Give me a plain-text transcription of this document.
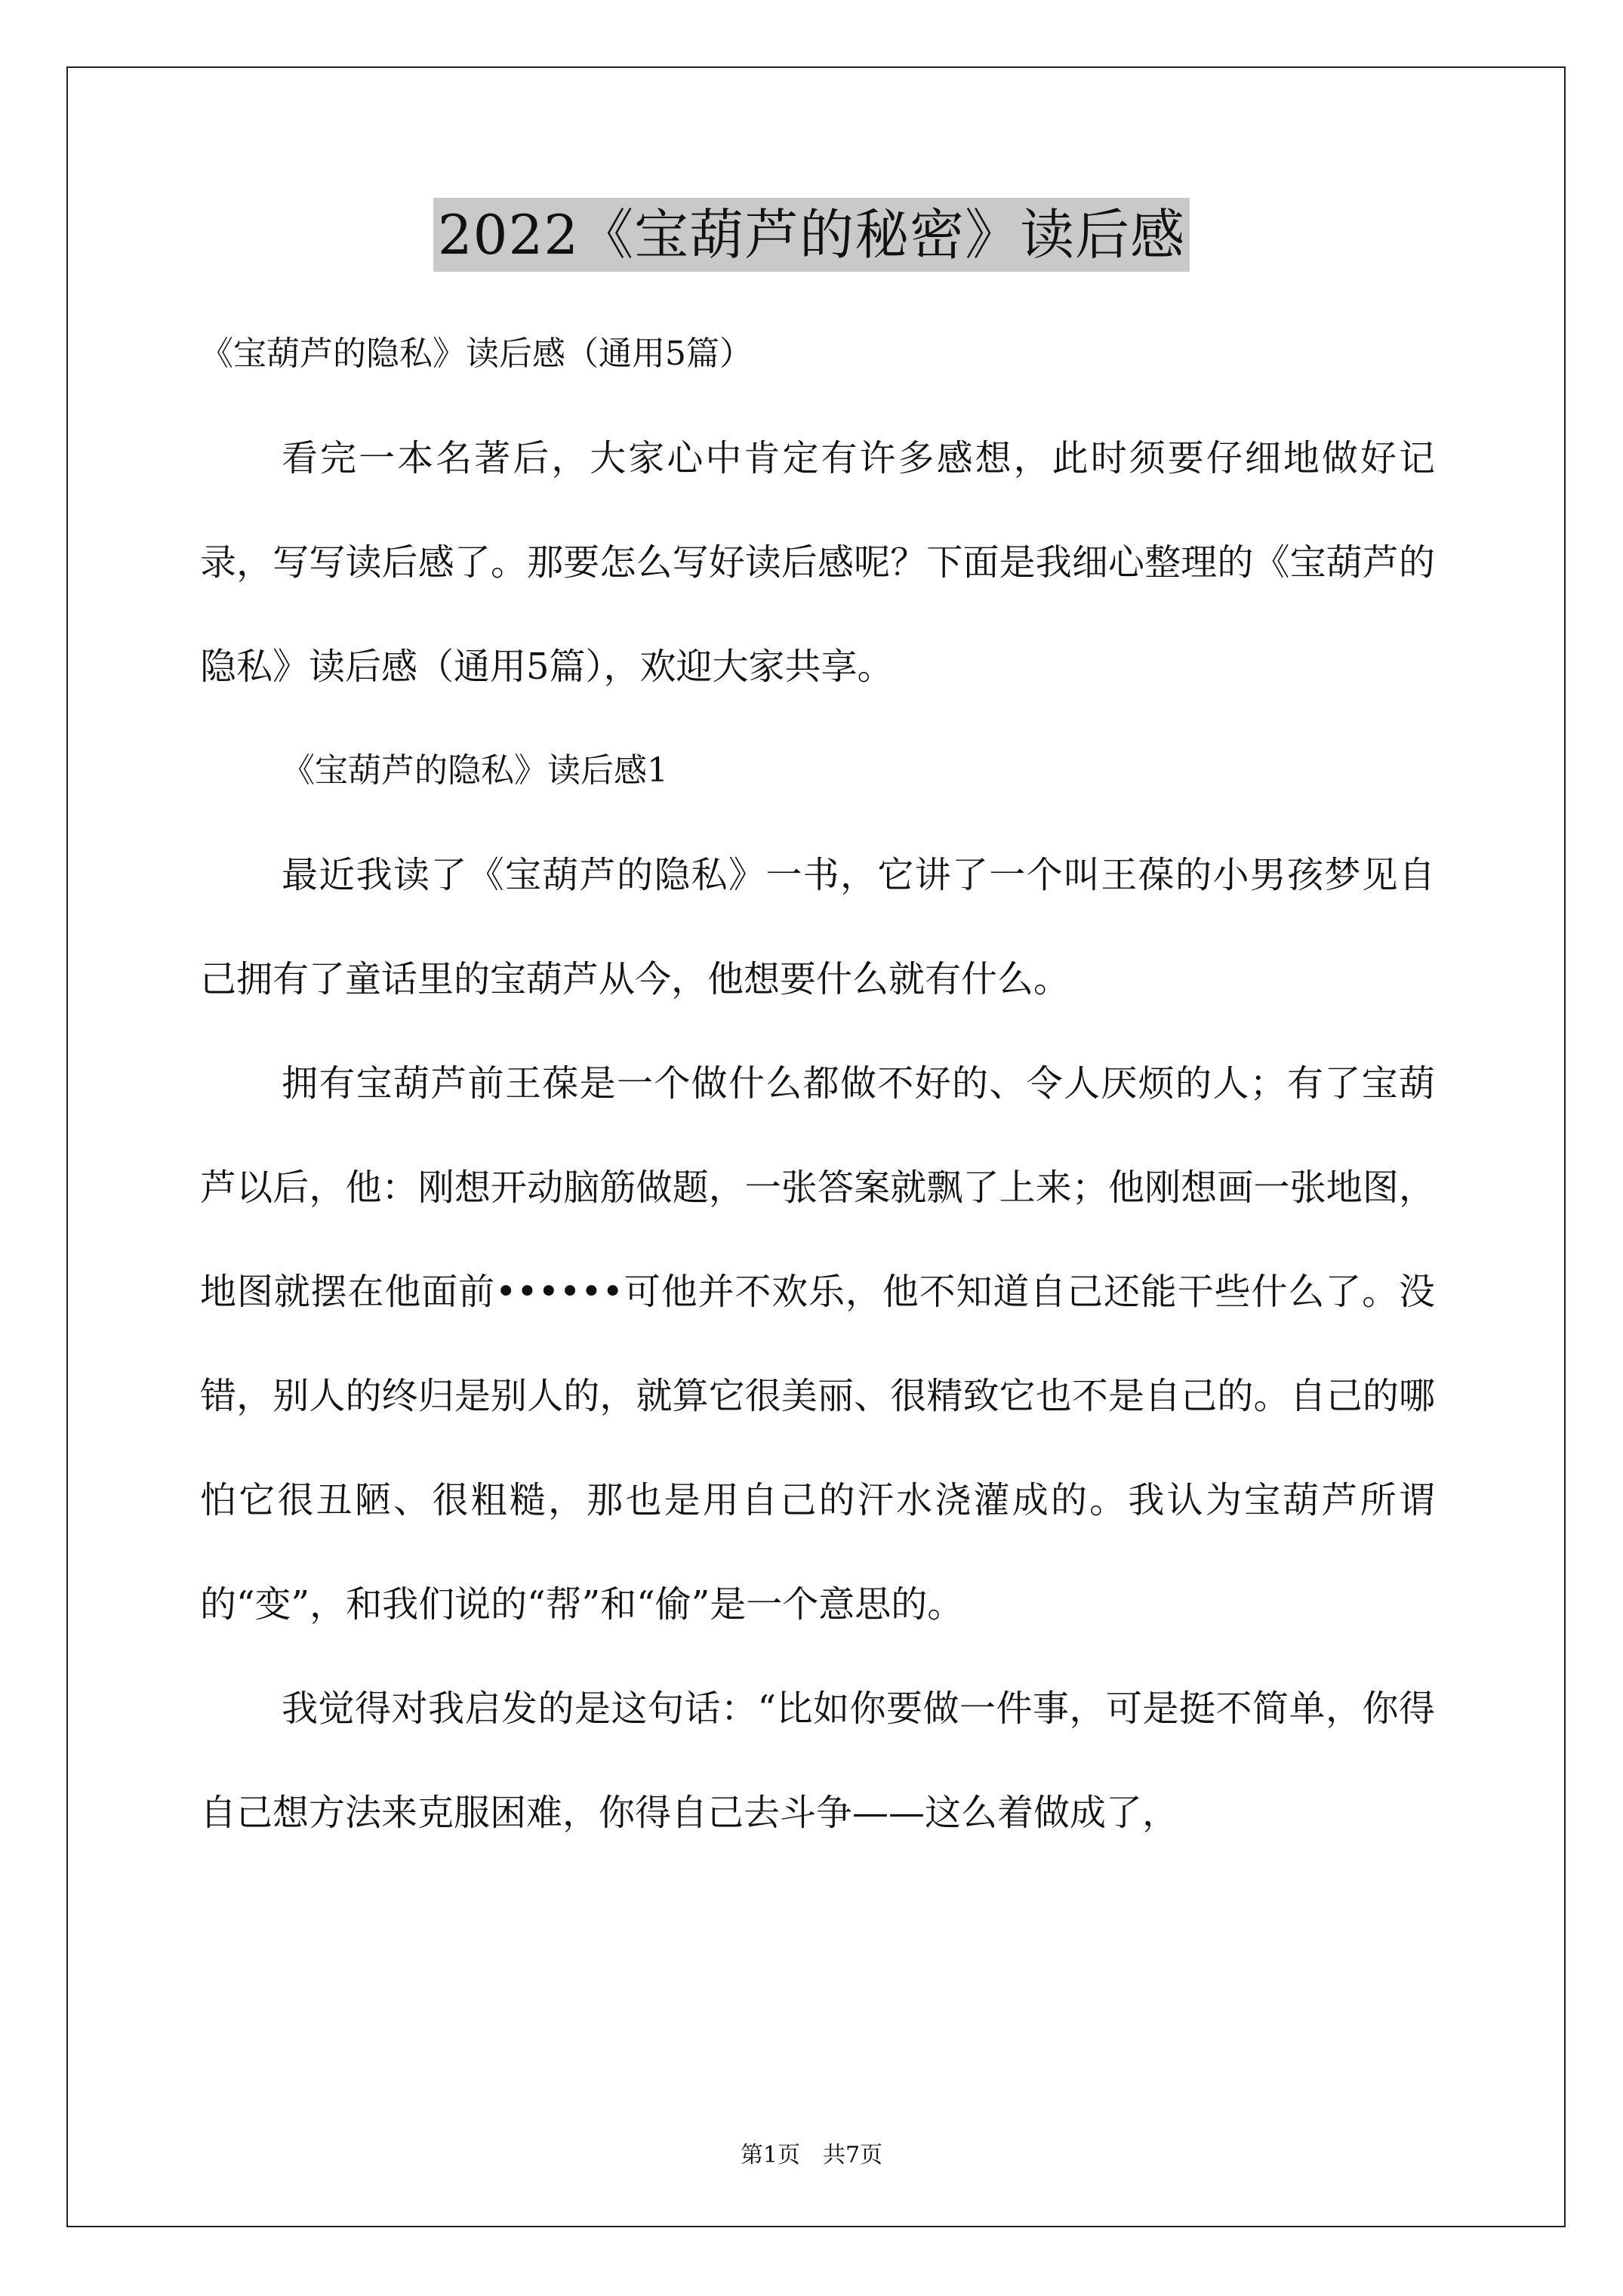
2022《宝葫芦的秘密》读后感

《宝葫芦的隐私》读后感（通用5篇）

看完一本名著后，大家心中肯定有许多感想，此时须要仔细地做好记录，写写读后感了。那要怎么写好读后感呢？下面是我细心整理的《宝葫芦的隐私》读后感（通用5篇），欢迎大家共享。

《宝葫芦的隐私》读后感1

最近我读了《宝葫芦的隐私》一书，它讲了一个叫王葆的小男孩梦见自己拥有了童话里的宝葫芦从今，他想要什么就有什么。

拥有宝葫芦前王葆是一个做什么都做不好的、令人厌烦的人；有了宝葫芦以后，他：刚想开动脑筋做题，一张答案就飘了上来；他刚想画一张地图，地图就摆在他面前••••••可他并不欢乐，他不知道自己还能干些什么了。没错，别人的终归是别人的，就算它很美丽、很精致它也不是自己的。自己的哪怕它很丑陋、很粗糙，那也是用自己的汗水浇灌成的。我认为宝葫芦所谓的“变”，和我们说的“帮”和“偷”是一个意思的。

我觉得对我启发的是这句话：“比如你要做一件事，可是挺不简单，你得自己想方法来克服困难，你得自己去斗争——这么着做成了，

第1页　共7页
